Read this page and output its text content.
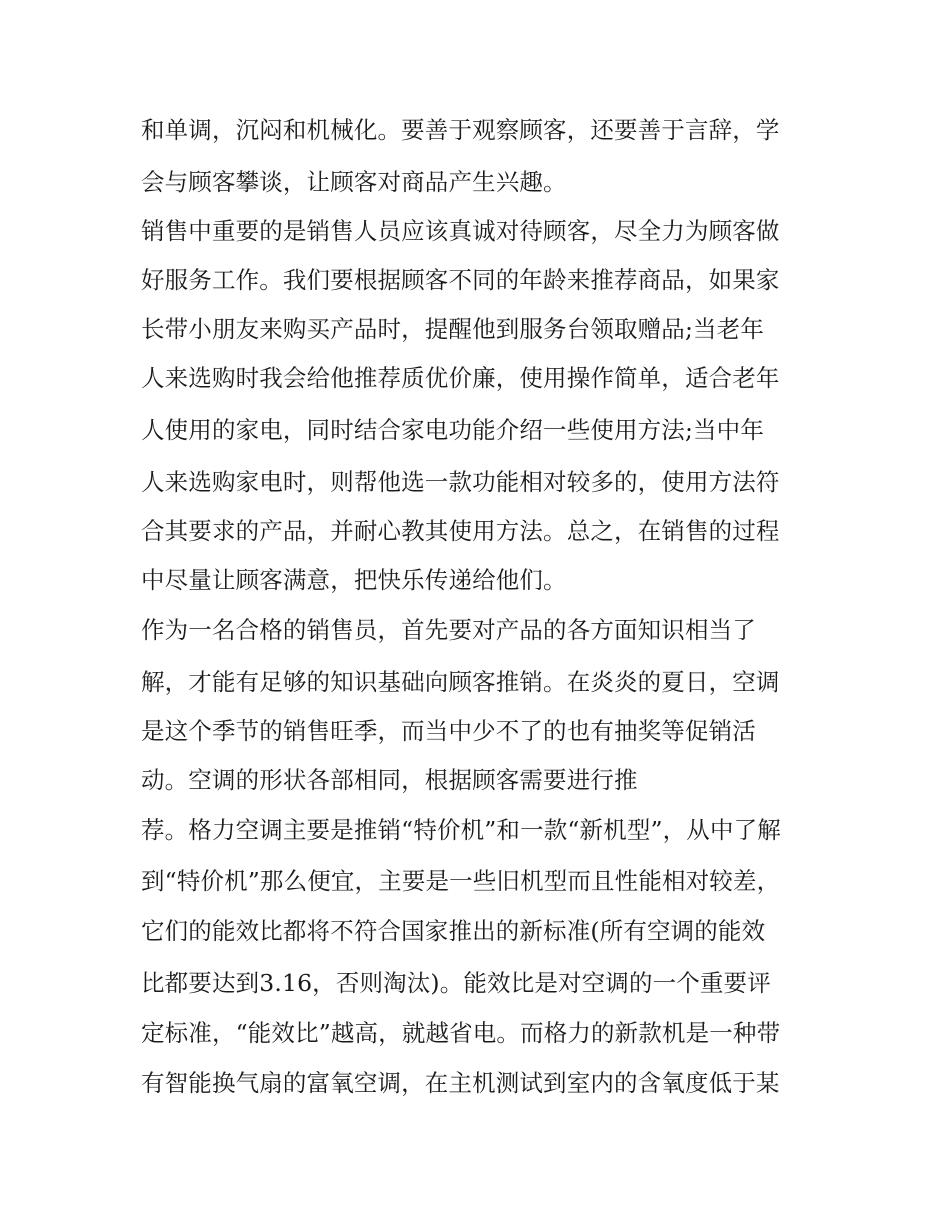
和单调，沉闷和机械化。要善于观察顾客，还要善于言辞，学
会与顾客攀谈，让顾客对商品产生兴趣。
销售中重要的是销售人员应该真诚对待顾客，尽全力为顾客做
好服务工作。我们要根据顾客不同的年龄来推荐商品，如果家
长带小朋友来购买产品时，提醒他到服务台领取赠品;当老年
人来选购时我会给他推荐质优价廉，使用操作简单，适合老年
人使用的家电，同时结合家电功能介绍一些使用方法;当中年
人来选购家电时，则帮他选一款功能相对较多的，使用方法符
合其要求的产品，并耐心教其使用方法。总之，在销售的过程
中尽量让顾客满意，把快乐传递给他们。
作为一名合格的销售员，首先要对产品的各方面知识相当了
解，才能有足够的知识基础向顾客推销。在炎炎的夏日，空调
是这个季节的销售旺季，而当中少不了的也有抽奖等促销活
动。空调的形状各部相同，根据顾客需要进行推
荐。格力空调主要是推销“特价机”和一款“新机型”，从中了解
到“特价机”那么便宜，主要是一些旧机型而且性能相对较差，
它们的能效比都将不符合国家推出的新标准(所有空调的能效
比都要达到3.16，否则淘汰)。能效比是对空调的一个重要评
定标准，“能效比”越高，就越省电。而格力的新款机是一种带
有智能换气扇的富氧空调，在主机测试到室内的含氧度低于某
